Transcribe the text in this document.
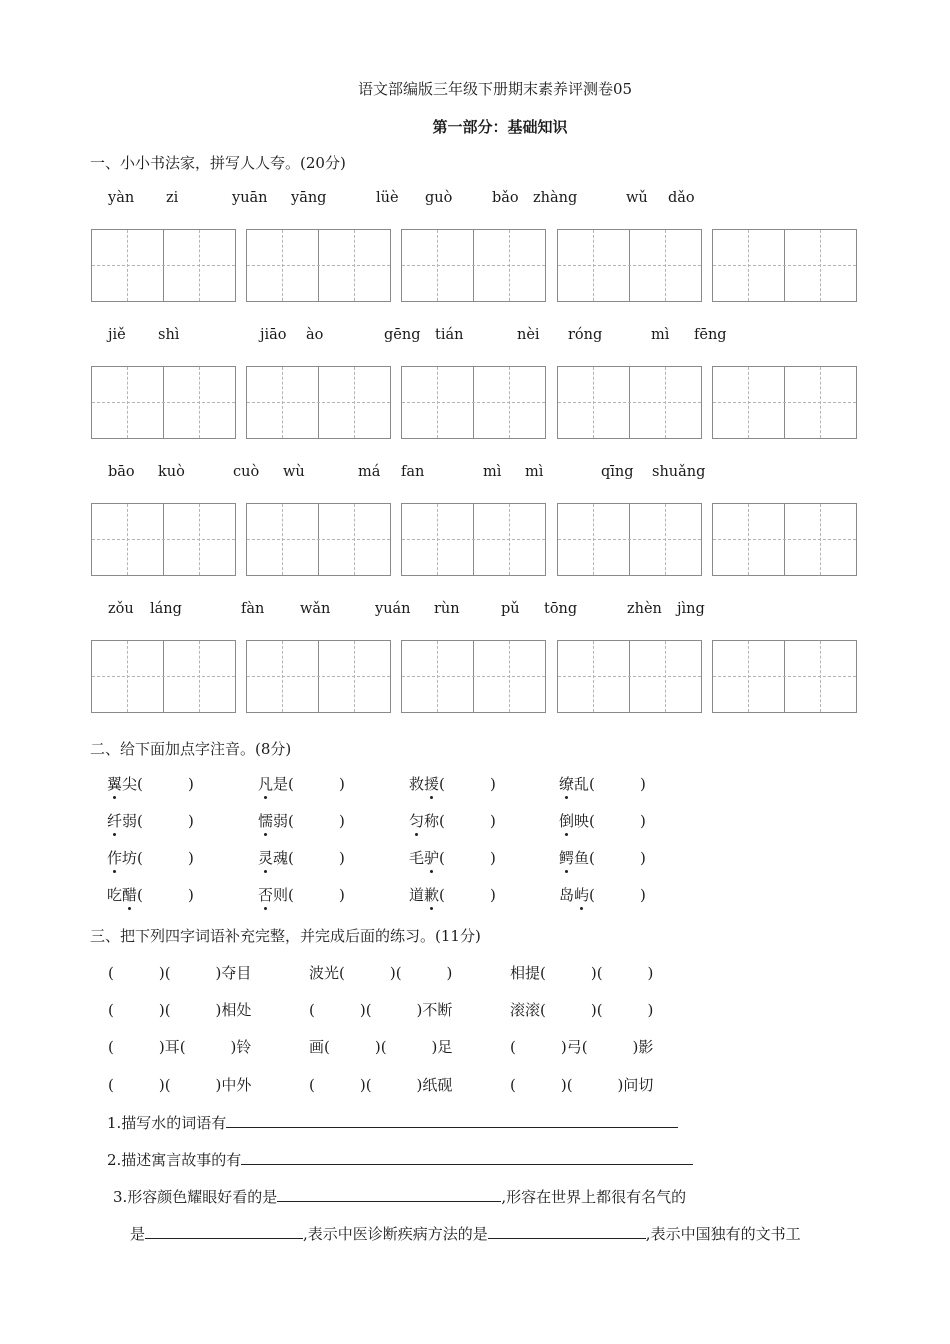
语文部编版三年级下册期末素养评测卷05
第一部分：基础知识
一、小小书法家，拼写人人夸。(20分)
yàn zi	yuān yāng	lüè guò	bǎo zhàng	wǔ dǎo
jiě shì	jiāo ào	gēng tián	nèi róng	mì fēng
bāo kuò	cuò wù	má fan	mì mì	qīng shuǎng
zǒu láng	fàn wǎn	yuán rùn	pǔ tōng	zhèn jìng
二、给下面加点字注音。(8分)
翼尖(　　　	)	凡是(　　　	)	救援(　　　	)	缭乱(　　　	)
纤弱(　　　	)	懦弱(　　　	)	匀称(　　　	)	倒映(　　　	)
作坊(　　　	)	灵魂(　　　	)	毛驴(　　　	)	鳄鱼(　　　	)
吃醋(　　　	)	否则(　　　	)	道歉(　　　	)	岛屿(　　　	)
三、把下列四字词语补充完整，并完成后面的练习。(11分)
(　　　)(　　　)夺目	波光(　　　)(　　　)	相提(　　　)(　　　)
(　　　)(　　　)相处	(　　　)(　　　)不断	滚滚(　　　)(　　　)
(　　　)耳(　　　)铃	画(　　　)(　　　)足	(　　　)弓(　　　)影
(　　　)(　　　)中外	(　　　)(　　　)纸砚	(　　　)(　　　)问切
1.描写水的词语有
2.描述寓言故事的有
3.形容颜色耀眼好看的是	,形容在世界上都很有名气的
是	,表示中医诊断疾病方法的是	,表示中国独有的文书工
